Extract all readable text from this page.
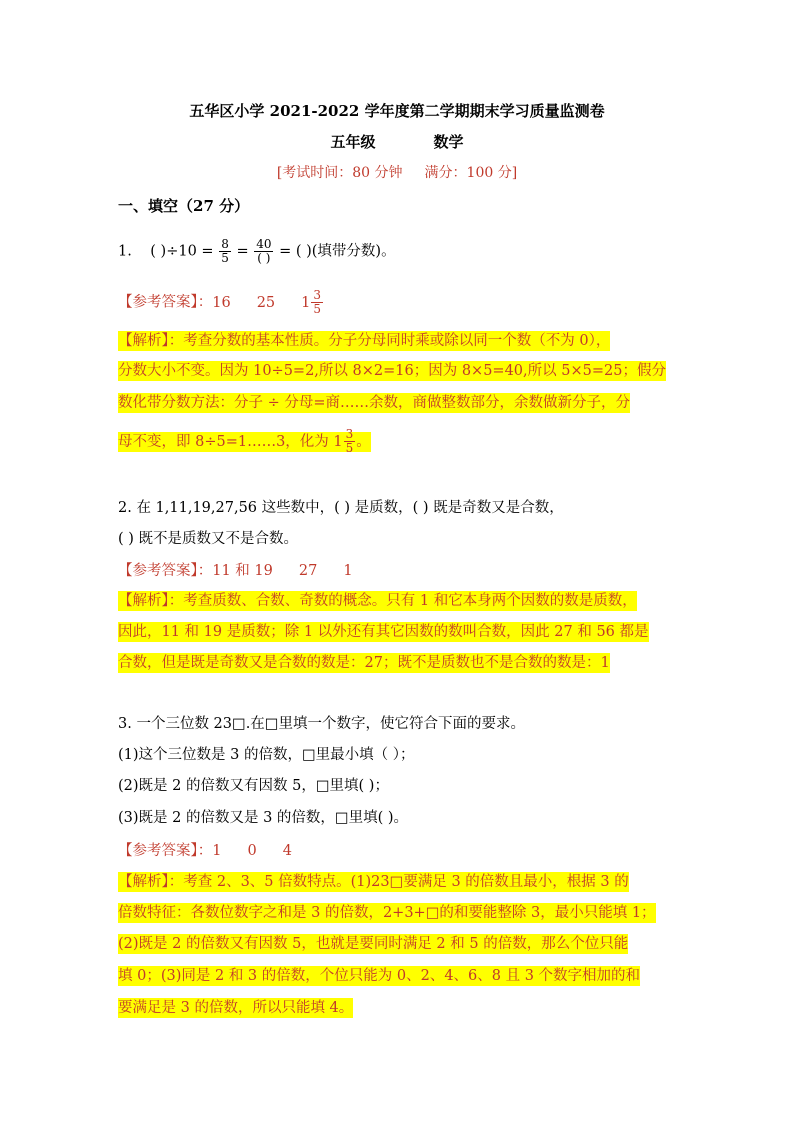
五华区小学 2021-2022 学年度第二学期期末学习质量监测卷
五年级	数学
[考试时间：80 分钟 满分：100 分]
一、填空（27 分）
1. ( )$\div 10 = \frac{8}{5} = \frac{40}{( )}$ = ( )(填带分数)。
【参考答案】：16 25 $1 \frac{3}{5}$
【解析】：考查分数的基本性质。分子分母同时乘或除以同一个数（不为 0），
分数大小不变。因为 10÷5=2,所以 8×2=16；因为 8×5=40,所以 5×5=25；假分
数化带分数方法：分子 ÷ 分母=商……余数，商做整数部分，余数做新分子，分
母不变，即 8÷5=1……3，化为 $1 \frac{3}{5}$ 。
2. 在 1,11,19,27,56 这些数中，( ) 是质数，( ) 既是奇数又是合数，
( ) 既不是质数又不是合数。
【参考答案】：11 和 19 27 1
【解析】：考查质数、合数、奇数的概念。只有 1 和它本身两个因数的数是质数，
因此，11 和 19 是质数；除 1 以外还有其它因数的数叫合数，因此 27 和 56 都是
合数，但是既是奇数又是合数的数是：27；既不是质数也不是合数的数是：1
3. 一个三位数 23□.在□里填一个数字，使它符合下面的要求。
(1)这个三位数是 3 的倍数，□里最小填（ ）；
(2)既是 2 的倍数又有因数 5，□里填( )；
(3)既是 2 的倍数又是 3 的倍数，□里填( )。
【参考答案】：1 0 4
【解析】：考查 2、3、5 倍数特点。(1)23□要满足 3 的倍数且最小，根据 3 的
倍数特征：各数位数字之和是 3 的倍数，2+3+□的和要能整除 3，最小只能填 1；
(2)既是 2 的倍数又有因数 5，也就是要同时满足 2 和 5 的倍数，那么个位只能
填 0；(3)同是 2 和 3 的倍数，个位只能为 0、2、4、6、8 且 3 个数字相加的和
要满足是 3 的倍数，所以只能填 4。
